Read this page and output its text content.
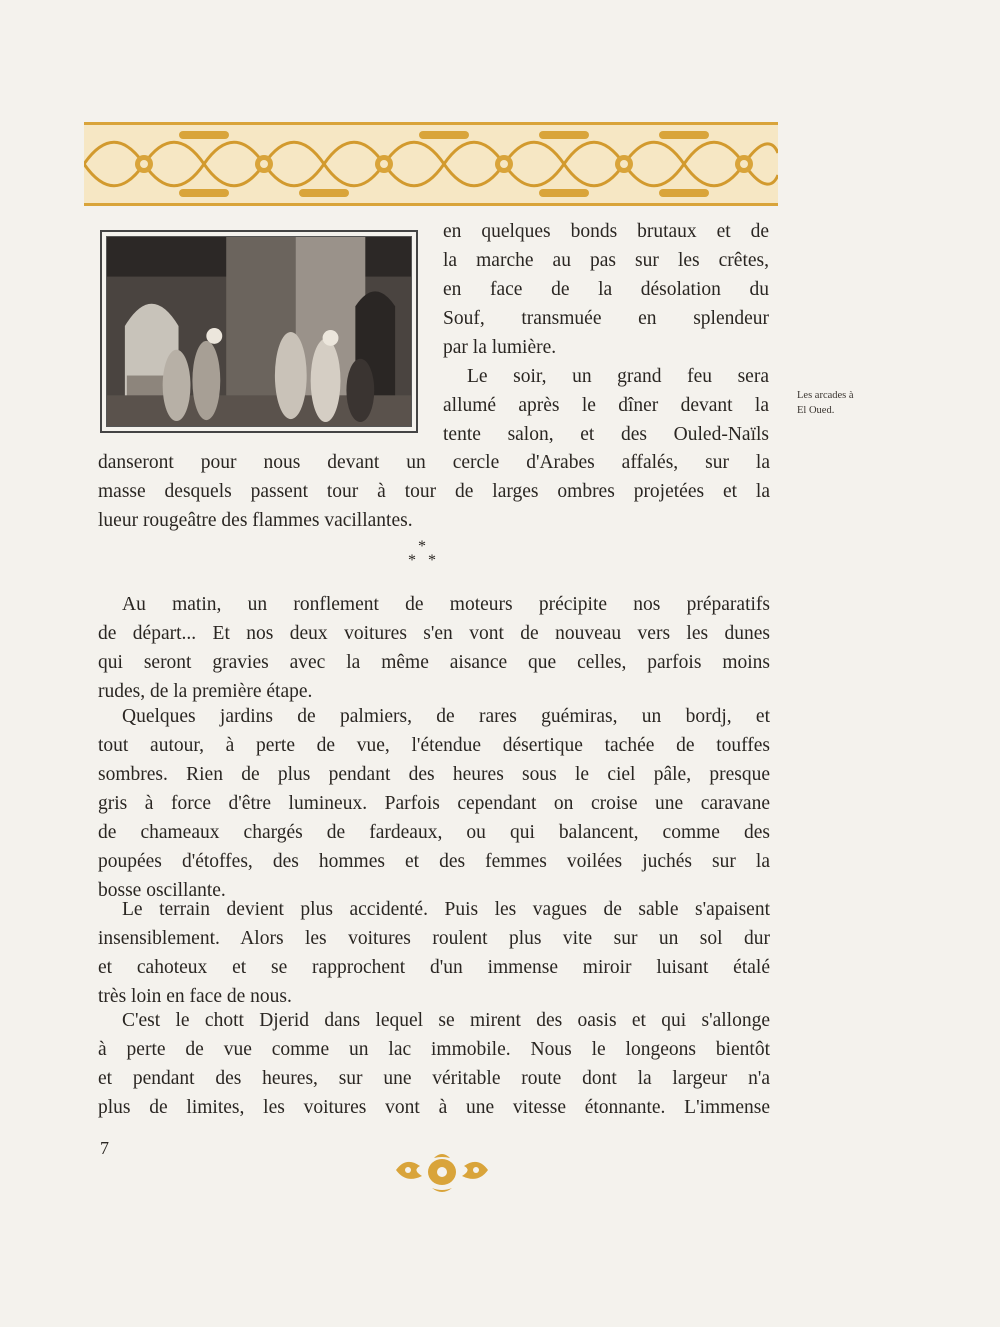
Les arcades à
El Oued.
en quelques bonds brutaux et de
la marche au pas sur les crêtes,
en face de la désolation du
Souf, transmuée en splendeur
par la lumière.
Le soir, un grand feu sera
allumé après le dîner devant la
tente salon, et des Ouled-Naïls
danseront pour nous devant un cercle d'Arabes affalés, sur la
masse desquels passent tour à tour de larges ombres projetées et la
lueur rougeâtre des flammes vacillantes.
*
* *
Au matin, un ronflement de moteurs précipite nos préparatifs
de départ... Et nos deux voitures s'en vont de nouveau vers les dunes
qui seront gravies avec la même aisance que celles, parfois moins
rudes, de la première étape.
Quelques jardins de palmiers, de rares guémiras, un bordj, et
tout autour, à perte de vue, l'étendue désertique tachée de touffes
sombres. Rien de plus pendant des heures sous le ciel pâle, presque
gris à force d'être lumineux. Parfois cependant on croise une caravane
de chameaux chargés de fardeaux, ou qui balancent, comme des
poupées d'étoffes, des hommes et des femmes voilées juchés sur la
bosse oscillante.
Le terrain devient plus accidenté. Puis les vagues de sable s'apaisent
insensiblement. Alors les voitures roulent plus vite sur un sol dur
et cahoteux et se rapprochent d'un immense miroir luisant étalé
très loin en face de nous.
C'est le chott Djerid dans lequel se mirent des oasis et qui s'allonge
à perte de vue comme un lac immobile. Nous le longeons bientôt
et pendant des heures, sur une véritable route dont la largeur n'a
plus de limites, les voitures vont à une vitesse étonnante. L'immense
7
